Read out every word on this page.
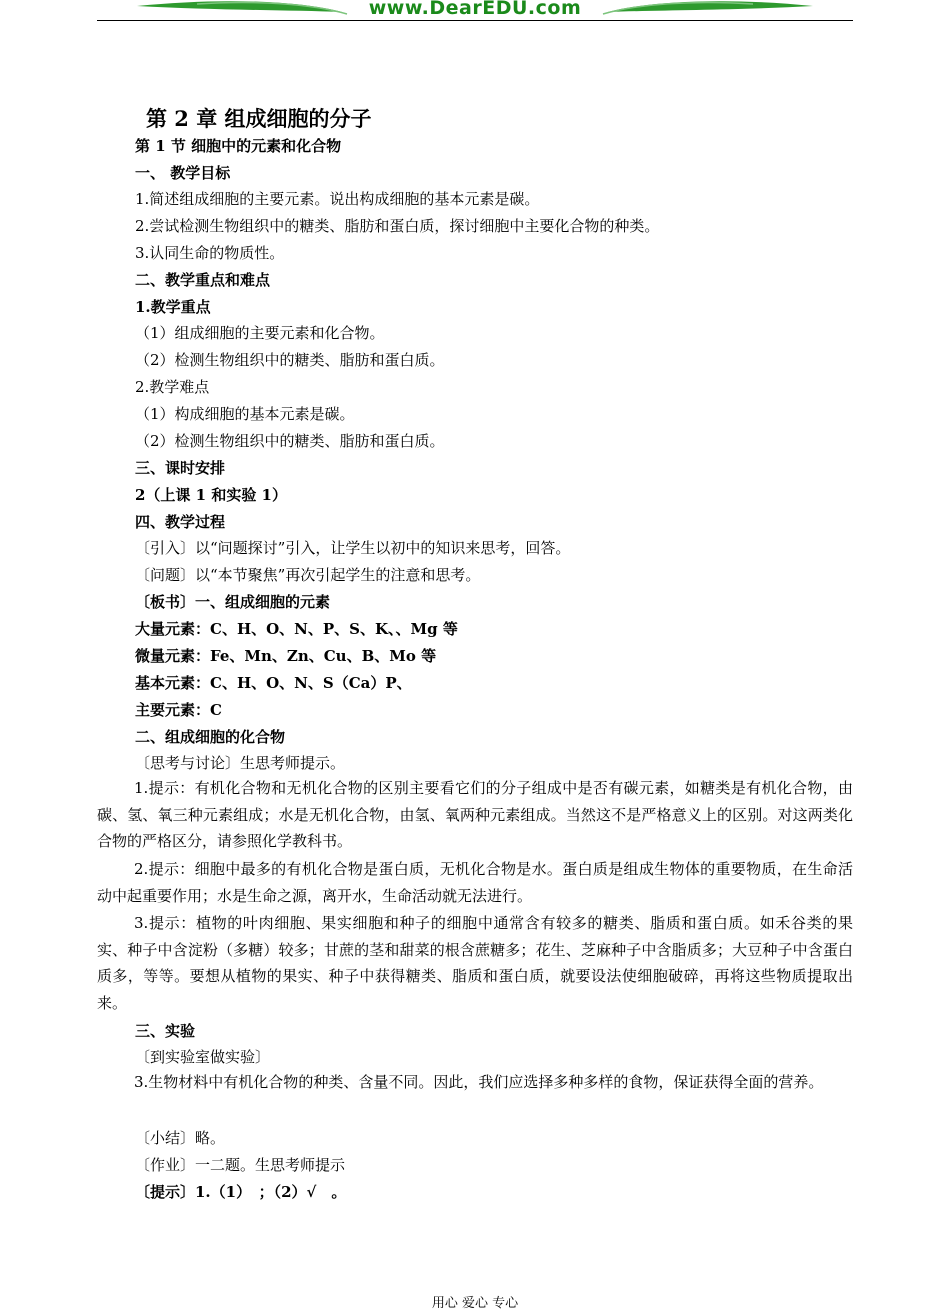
www.DearEDU.com
第 2 章 组成细胞的分子
第 1 节 细胞中的元素和化合物
一、 教学目标
1.简述组成细胞的主要元素。说出构成细胞的基本元素是碳。
2.尝试检测生物组织中的糖类、脂肪和蛋白质，探讨细胞中主要化合物的种类。
3.认同生命的物质性。
二、教学重点和难点
1.教学重点
（1）组成细胞的主要元素和化合物。
（2）检测生物组织中的糖类、脂肪和蛋白质。
2.教学难点
（1）构成细胞的基本元素是碳。
（2）检测生物组织中的糖类、脂肪和蛋白质。
三、课时安排
2（上课 1 和实验 1）
四、教学过程
〔引入〕以“问题探讨”引入，让学生以初中的知识来思考，回答。
〔问题〕以“本节聚焦”再次引起学生的注意和思考。
〔板书〕一、组成细胞的元素
大量元素：C、H、O、N、P、S、K、、Mg 等
微量元素：Fe、Mn、Zn、Cu、B、Mo 等
基本元素：C、H、O、N、S（Ca）P、
主要元素：C
二、组成细胞的化合物
〔思考与讨论〕生思考师提示。
1.提示：有机化合物和无机化合物的区别主要看它们的分子组成中是否有碳元素，如糖类是有机化合物，由碳、氢、氧三种元素组成；水是无机化合物，由氢、氧两种元素组成。当然这不是严格意义上的区别。对这两类化合物的严格区分，请参照化学教科书。
2.提示：细胞中最多的有机化合物是蛋白质，无机化合物是水。蛋白质是组成生物体的重要物质，在生命活动中起重要作用；水是生命之源，离开水，生命活动就无法进行。
3.提示：植物的叶肉细胞、果实细胞和种子的细胞中通常含有较多的糖类、脂质和蛋白质。如禾谷类的果实、种子中含淀粉（多糖）较多；甘蔗的茎和甜菜的根含蔗糖多；花生、芝麻种子中含脂质多；大豆种子中含蛋白质多，等等。要想从植物的果实、种子中获得糖类、脂质和蛋白质，就要设法使细胞破碎，再将这些物质提取出来。
三、实验
〔到实验室做实验〕
3.生物材料中有机化合物的种类、含量不同。因此，我们应选择多种多样的食物，保证获得全面的营养。
〔小结〕略。
〔作业〕一二题。生思考师提示
〔提示〕1.（1）　；（2）√　。
用心 爱心 专心
